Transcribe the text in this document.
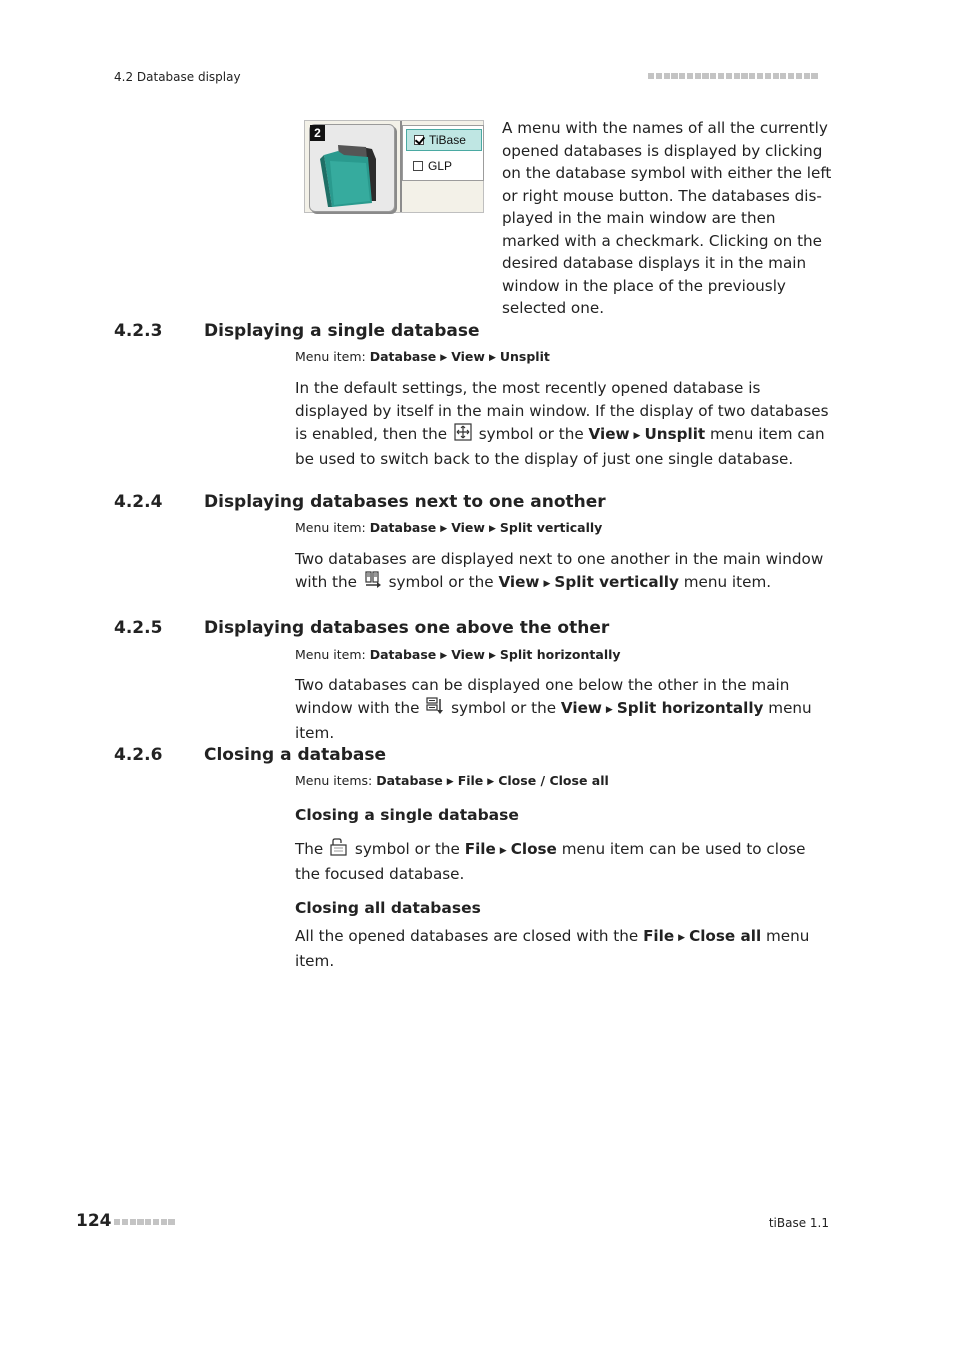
4.2 Database display
2	TiBase
GLP
A menu with the names of all the currently opened databases is displayed by clicking on the database symbol with either the left or right mouse button. The databases dis-played in the main window are then marked with a checkmark. Clicking on the desired database displays it in the main window in the place of the previously selected one.
4.2.3 Displaying a single database
Menu item: Database ▶ View ▶ Unsplit
In the default settings, the most recently opened database is displayed by itself in the main window. If the display of two databases is enabled, then the symbol or the View ▶ Unsplit menu item can be used to switch back to the display of just one single database.
4.2.4 Displaying databases next to one another
Menu item: Database ▶ View ▶ Split vertically
Two databases are displayed next to one another in the main window with the symbol or the View ▶ Split vertically menu item.
4.2.5 Displaying databases one above the other
Menu item: Database ▶ View ▶ Split horizontally
Two databases can be displayed one below the other in the main window with the symbol or the View ▶ Split horizontally menu item.
4.2.6 Closing a database
Menu items: Database ▶ File ▶ Close / Close all
Closing a single database
The symbol or the File ▶ Close menu item can be used to close the focused database.
Closing all databases
All the opened databases are closed with the File ▶ Close all menu item.
124	tiBase 1.1
